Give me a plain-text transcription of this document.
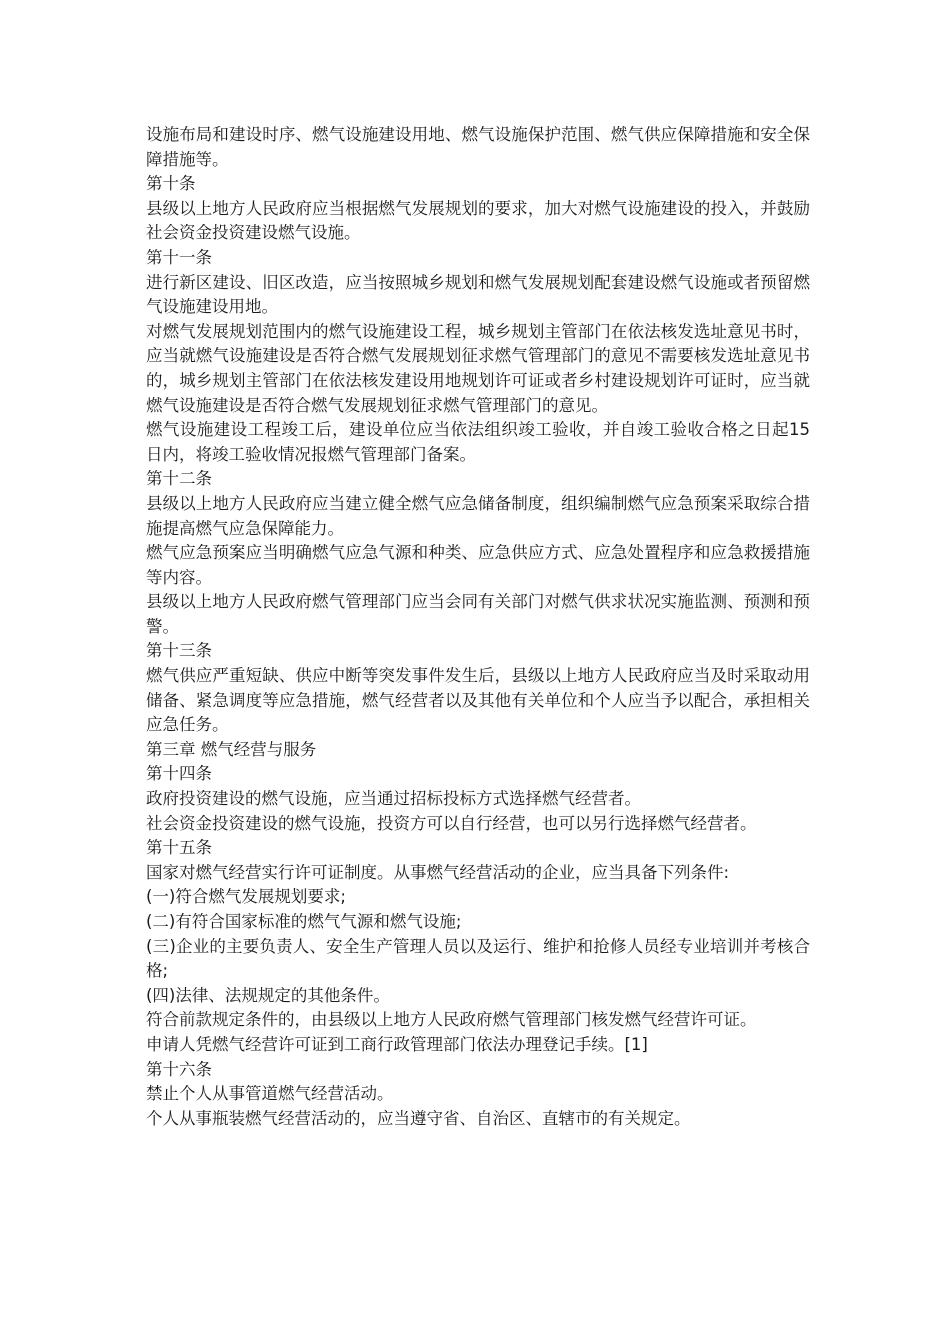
设施布局和建设时序、燃气设施建设用地、燃气设施保护范围、燃气供应保障措施和安全保障措施等。

第十条

县级以上地方人民政府应当根据燃气发展规划的要求，加大对燃气设施建设的投入，并鼓励社会资金投资建设燃气设施。

第十一条

进行新区建设、旧区改造，应当按照城乡规划和燃气发展规划配套建设燃气设施或者预留燃气设施建设用地。

对燃气发展规划范围内的燃气设施建设工程，城乡规划主管部门在依法核发选址意见书时，应当就燃气设施建设是否符合燃气发展规划征求燃气管理部门的意见不需要核发选址意见书的，城乡规划主管部门在依法核发建设用地规划许可证或者乡村建设规划许可证时，应当就燃气设施建设是否符合燃气发展规划征求燃气管理部门的意见。

燃气设施建设工程竣工后，建设单位应当依法组织竣工验收，并自竣工验收合格之日起15日内，将竣工验收情况报燃气管理部门备案。

第十二条

县级以上地方人民政府应当建立健全燃气应急储备制度，组织编制燃气应急预案采取综合措施提高燃气应急保障能力。

燃气应急预案应当明确燃气应急气源和种类、应急供应方式、应急处置程序和应急救援措施等内容。

县级以上地方人民政府燃气管理部门应当会同有关部门对燃气供求状况实施监测、预测和预警。

第十三条

燃气供应严重短缺、供应中断等突发事件发生后，县级以上地方人民政府应当及时采取动用储备、紧急调度等应急措施，燃气经营者以及其他有关单位和个人应当予以配合，承担相关应急任务。

第三章 燃气经营与服务

第十四条

政府投资建设的燃气设施，应当通过招标投标方式选择燃气经营者。

社会资金投资建设的燃气设施，投资方可以自行经营，也可以另行选择燃气经营者。

第十五条

国家对燃气经营实行许可证制度。从事燃气经营活动的企业，应当具备下列条件:

(一)符合燃气发展规划要求;

(二)有符合国家标准的燃气气源和燃气设施;

(三)企业的主要负责人、安全生产管理人员以及运行、维护和抢修人员经专业培训并考核合格;

(四)法律、法规规定的其他条件。

符合前款规定条件的，由县级以上地方人民政府燃气管理部门核发燃气经营许可证。

申请人凭燃气经营许可证到工商行政管理部门依法办理登记手续。[1]

第十六条

禁止个人从事管道燃气经营活动。

个人从事瓶装燃气经营活动的，应当遵守省、自治区、直辖市的有关规定。
